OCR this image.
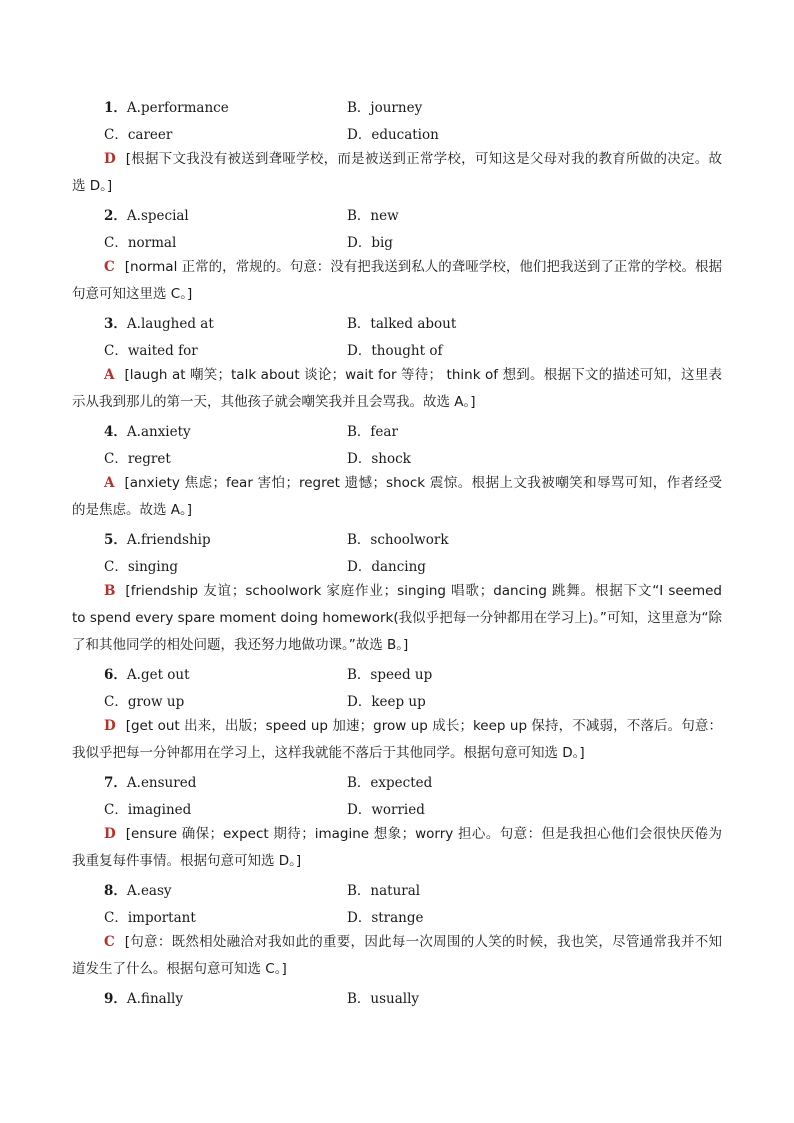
1．A.performance	B．journey
C．career	D．education

D [根据下文我没有被送到聋哑学校，而是被送到正常学校，可知这是父母对我的教育所做的决定。故选 D。]

2．A.special	B．new
C．normal	D．big

C [normal 正常的，常规的。句意：没有把我送到私人的聋哑学校，他们把我送到了正常的学校。根据句意可知这里选 C。]

3．A.laughed at	B．talked about
C．waited for	D．thought of

A [laugh at 嘲笑；talk about 谈论；wait for 等待； think of 想到。根据下文的描述可知，这里表示从我到那儿的第一天，其他孩子就会嘲笑我并且会骂我。故选 A。]

4．A.anxiety	B．fear
C．regret	D．shock

A [anxiety 焦虑；fear 害怕；regret 遗憾；shock 震惊。根据上文我被嘲笑和辱骂可知，作者经受的是焦虑。故选 A。]

5．A.friendship	B．schoolwork
C．singing	D．dancing

B [friendship 友谊；schoolwork 家庭作业；singing 唱歌；dancing 跳舞。根据下文“I seemed to spend every spare moment doing homework(我似乎把每一分钟都用在学习上)。”可知，这里意为“除了和其他同学的相处问题，我还努力地做功课。”故选 B。]

6．A.get out	B．speed up
C．grow up	D．keep up

D [get out 出来，出版；speed up 加速；grow up 成长；keep up 保持，不减弱，不落后。句意：我似乎把每一分钟都用在学习上，这样我就能不落后于其他同学。根据句意可知选 D。]

7．A.ensured	B．expected
C．imagined	D．worried

D [ensure 确保；expect 期待；imagine 想象；worry 担心。句意：但是我担心他们会很快厌倦为我重复每件事情。根据句意可知选 D。]

8．A.easy	B．natural
C．important	D．strange

C [句意：既然相处融洽对我如此的重要，因此每一次周围的人笑的时候，我也笑，尽管通常我并不知道发生了什么。根据句意可知选 C。]

9．A.finally	B．usually
